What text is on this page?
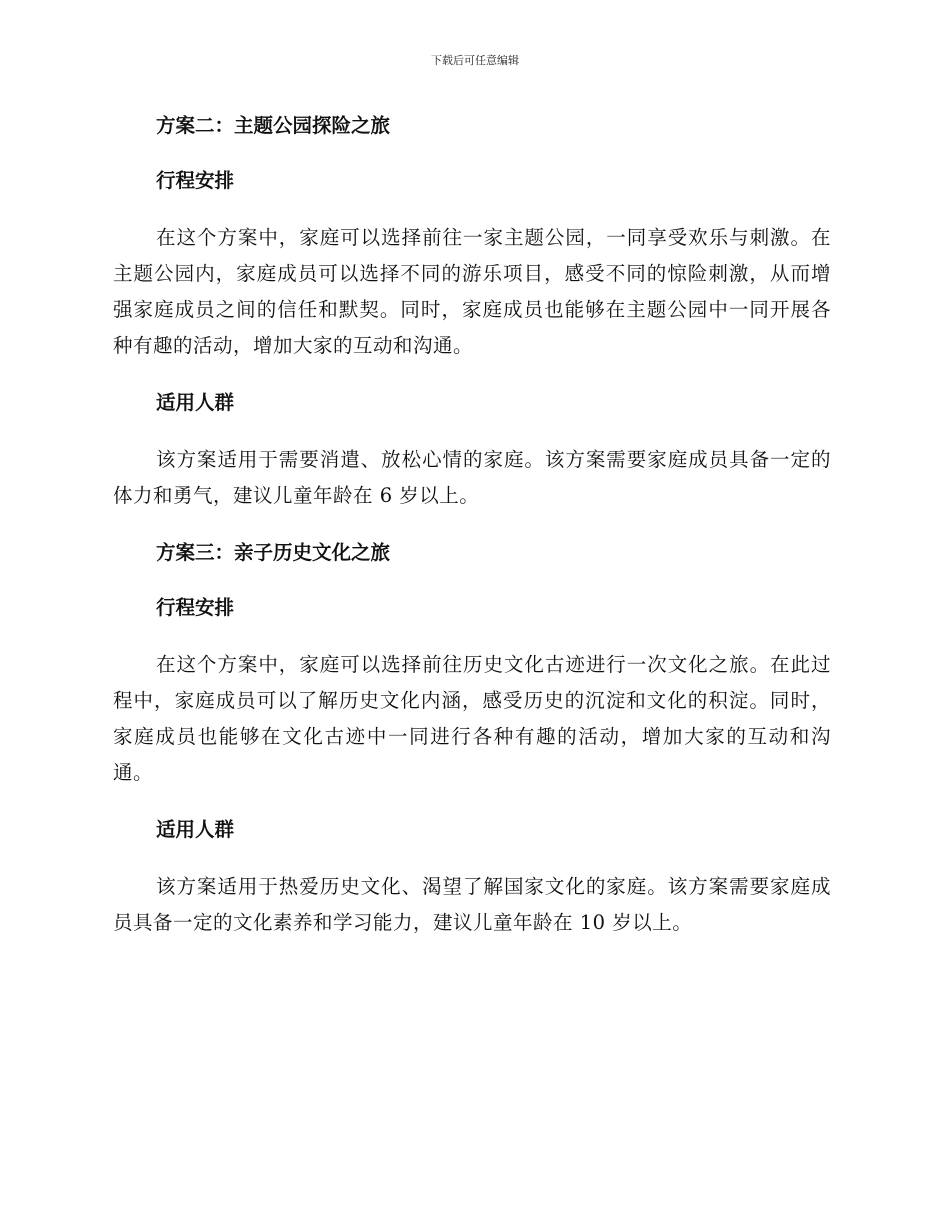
下载后可任意编辑

方案二：主题公园探险之旅

行程安排

在这个方案中，家庭可以选择前往一家主题公园，一同享受欢乐与刺激。在主题公园内，家庭成员可以选择不同的游乐项目，感受不同的惊险刺激，从而增强家庭成员之间的信任和默契。同时，家庭成员也能够在主题公园中一同开展各种有趣的活动，增加大家的互动和沟通。

适用人群

该方案适用于需要消遣、放松心情的家庭。该方案需要家庭成员具备一定的体力和勇气，建议儿童年龄在 6 岁以上。

方案三：亲子历史文化之旅

行程安排

在这个方案中，家庭可以选择前往历史文化古迹进行一次文化之旅。在此过程中，家庭成员可以了解历史文化内涵，感受历史的沉淀和文化的积淀。同时，家庭成员也能够在文化古迹中一同进行各种有趣的活动，增加大家的互动和沟通。

适用人群

该方案适用于热爱历史文化、渴望了解国家文化的家庭。该方案需要家庭成员具备一定的文化素养和学习能力，建议儿童年龄在 10 岁以上。
